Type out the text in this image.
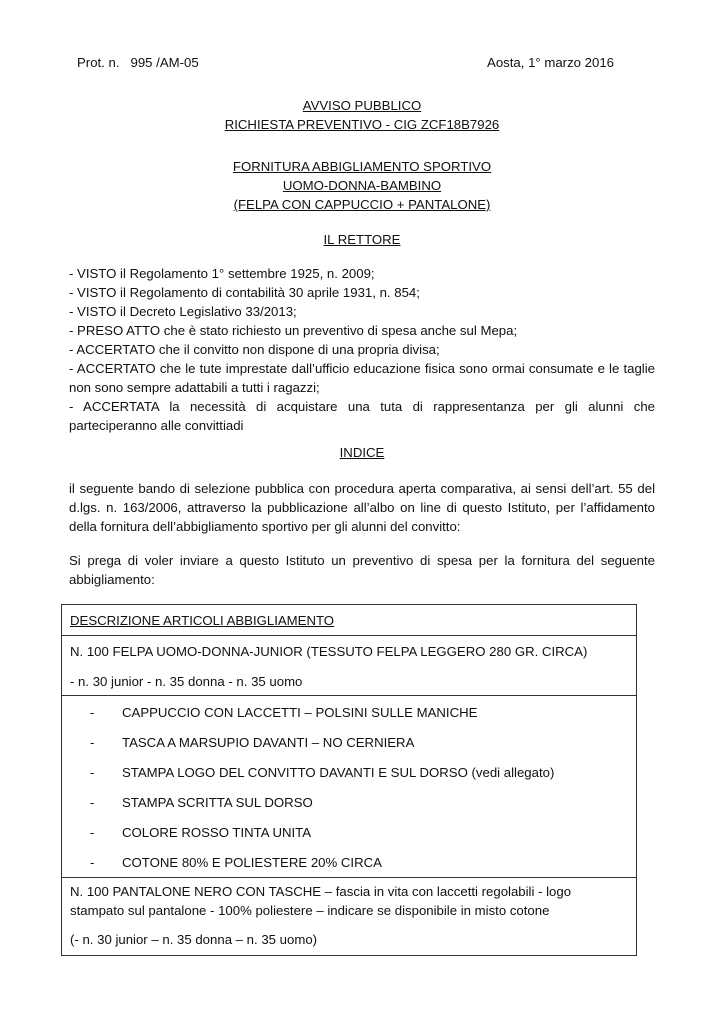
Prot. n.   995 /AM-05	Aosta, 1° marzo 2016
AVVISO PUBBLICO
RICHIESTA PREVENTIVO - CIG ZCF18B7926
FORNITURA ABBIGLIAMENTO SPORTIVO
UOMO-DONNA-BAMBINO
(FELPA CON CAPPUCCIO + PANTALONE)
IL RETTORE
- VISTO il Regolamento 1° settembre 1925, n. 2009;
- VISTO il Regolamento di contabilità 30 aprile 1931, n. 854;
- VISTO il Decreto Legislativo 33/2013;
- PRESO ATTO che è stato richiesto un preventivo di spesa anche sul Mepa;
- ACCERTATO che il convitto non dispone di una propria divisa;
- ACCERTATO che le tute imprestate dall’ufficio educazione fisica sono ormai consumate e le taglie non sono sempre adattabili a tutti i ragazzi;
- ACCERTATA la necessità di acquistare una tuta di rappresentanza per gli alunni che parteciperanno alle convittiadi
INDICE
il seguente bando di selezione pubblica con procedura aperta comparativa, ai sensi dell’art. 55 del d.lgs. n. 163/2006, attraverso la pubblicazione all’albo on line di questo Istituto, per l’affidamento della fornitura dell’abbigliamento sportivo per gli alunni del convitto:
Si prega di voler inviare a questo Istituto un preventivo di spesa per la fornitura del seguente abbigliamento:
DESCRIZIONE ARTICOLI ABBIGLIAMENTO
N. 100 FELPA UOMO-DONNA-JUNIOR (TESSUTO FELPA LEGGERO 280 GR. CIRCA)
- n. 30 junior - n. 35 donna - n. 35 uomo
-	CAPPUCCIO CON LACCETTI – POLSINI SULLE MANICHE
-	TASCA A MARSUPIO DAVANTI – NO CERNIERA
-	STAMPA LOGO DEL CONVITTO DAVANTI E SUL DORSO (vedi allegato)
-	STAMPA SCRITTA SUL DORSO
-	COLORE ROSSO TINTA UNITA
-	COTONE 80% E POLIESTERE 20% CIRCA
N. 100 PANTALONE NERO CON TASCHE – fascia in vita con laccetti regolabili - logo stampato sul pantalone - 100% poliestere – indicare se disponibile in misto cotone
(- n. 30 junior – n. 35 donna – n. 35 uomo)
